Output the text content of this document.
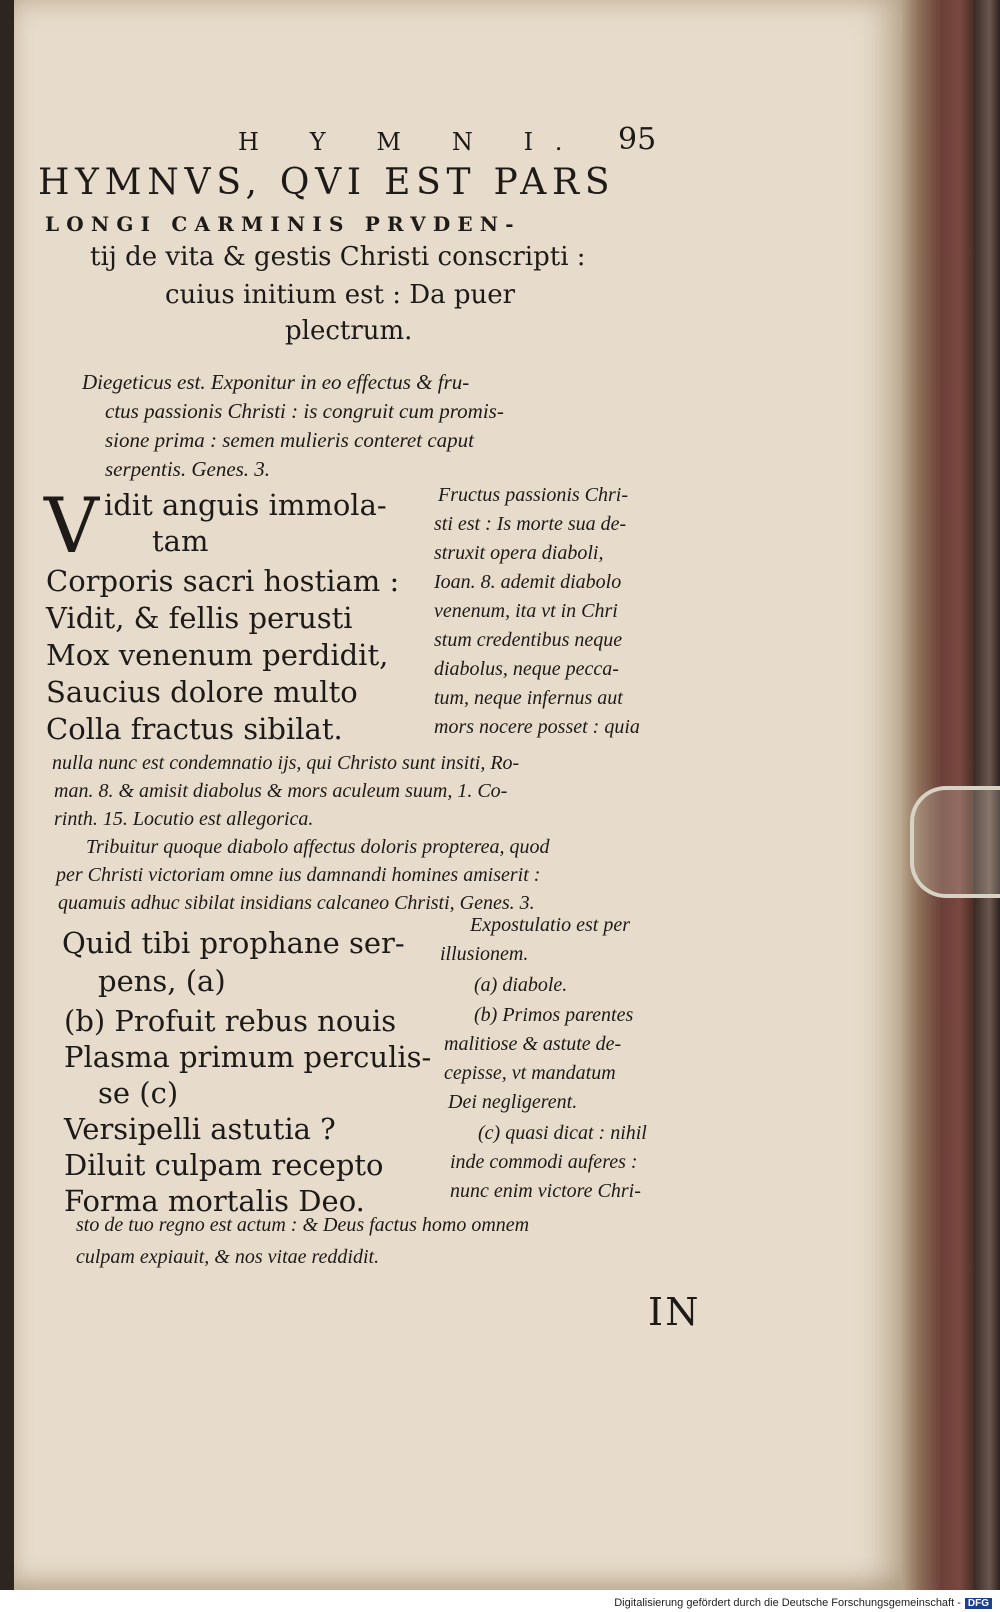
H Y M N I. 95
HYMNVS, QVI EST PARS
LONGI CARMINIS PRVDEN-
tij de vita & gestis Christi conscripti :
cuius initium est : Da puer
plectrum.
Diegeticus est. Exponitur in eo effectus & fru-
ctus passionis Christi : is congruit cum promis-
sione prima : semen mulieris conteret caput
serpentis. Genes. 3.
V idit anguis immola-
tam
Corporis sacri hostiam :
Vidit, & fellis perusti
Mox venenum perdidit,
Saucius dolore multo
Colla fractus sibilat.
Fructus passionis Chri-
sti est : Is morte sua de-
struxit opera diaboli,
Ioan. 8. ademit diabolo
venenum, ita vt in Chri
stum credentibus neque
diabolus, neque pecca-
tum, neque infernus aut
mors nocere posset : quia
nulla nunc est condemnatio ijs, qui Christo sunt insiti, Ro-
man. 8. & amisit diabolus & mors aculeum suum, 1. Co-
rinth. 15. Locutio est allegorica.
Tribuitur quoque diabolo affectus doloris propterea, quod
per Christi victoriam omne ius damnandi homines amiserit :
quamuis adhuc sibilat insidians calcaneo Christi, Genes. 3.
Quid tibi prophane ser-
pens, (a)
(b) Profuit rebus nouis
Plasma primum perculis-
se (c)
Versipelli astutia ?
Diluit culpam recepto
Forma mortalis Deo.
Expostulatio est per
illusionem.
(a) diabole.
(b) Primos parentes
malitiose & astute de-
cepisse, vt mandatum
Dei negligerent.
(c) quasi dicat : nihil
inde commodi auferes :
nunc enim victore Chri-
sto de tuo regno est actum : & Deus factus homo omnem
culpam expiauit, & nos vitae reddidit.
IN
Digitalisierung gefördert durch die Deutsche Forschungsgemeinschaft - DFG
